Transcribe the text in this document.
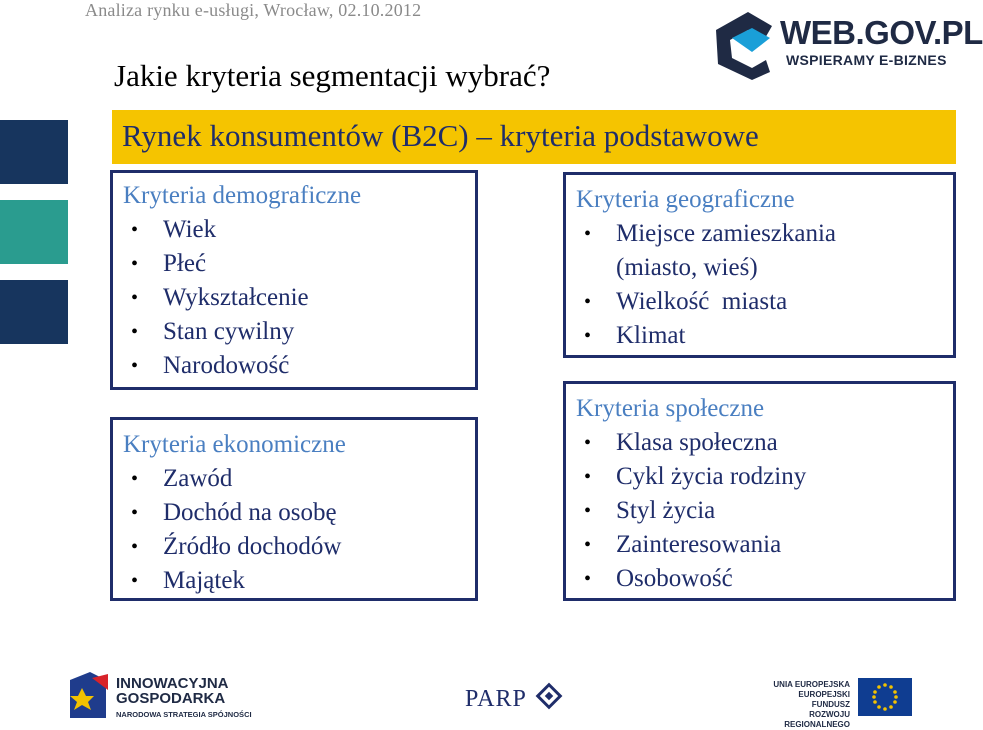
Analiza rynku e-usługi, Wrocław, 02.10.2012
Jakie kryteria segmentacji wybrać?
WEB.GOV.PL
WSPIERAMY E-BIZNES
Rynek konsumentów (B2C) – kryteria podstawowe
Kryteria demograficzne
• Wiek
• Płeć
• Wykształcenie
• Stan cywilny
• Narodowość
Kryteria ekonomiczne
• Zawód
• Dochód na osobę
• Źródło dochodów
• Majątek
Kryteria geograficzne
• Miejsce zamieszkania
(miasto, wieś)
• Wielkość  miasta
• Klimat
Kryteria społeczne
• Klasa społeczna
• Cykl życia rodziny
• Styl życia
• Zainteresowania
• Osobowość
INNOWACYJNA
GOSPODARKA
NARODOWA STRATEGIA SPÓJNOŚCI
PARP
UNIA EUROPEJSKA
EUROPEJSKI FUNDUSZ
ROZWOJU REGIONALNEGO
